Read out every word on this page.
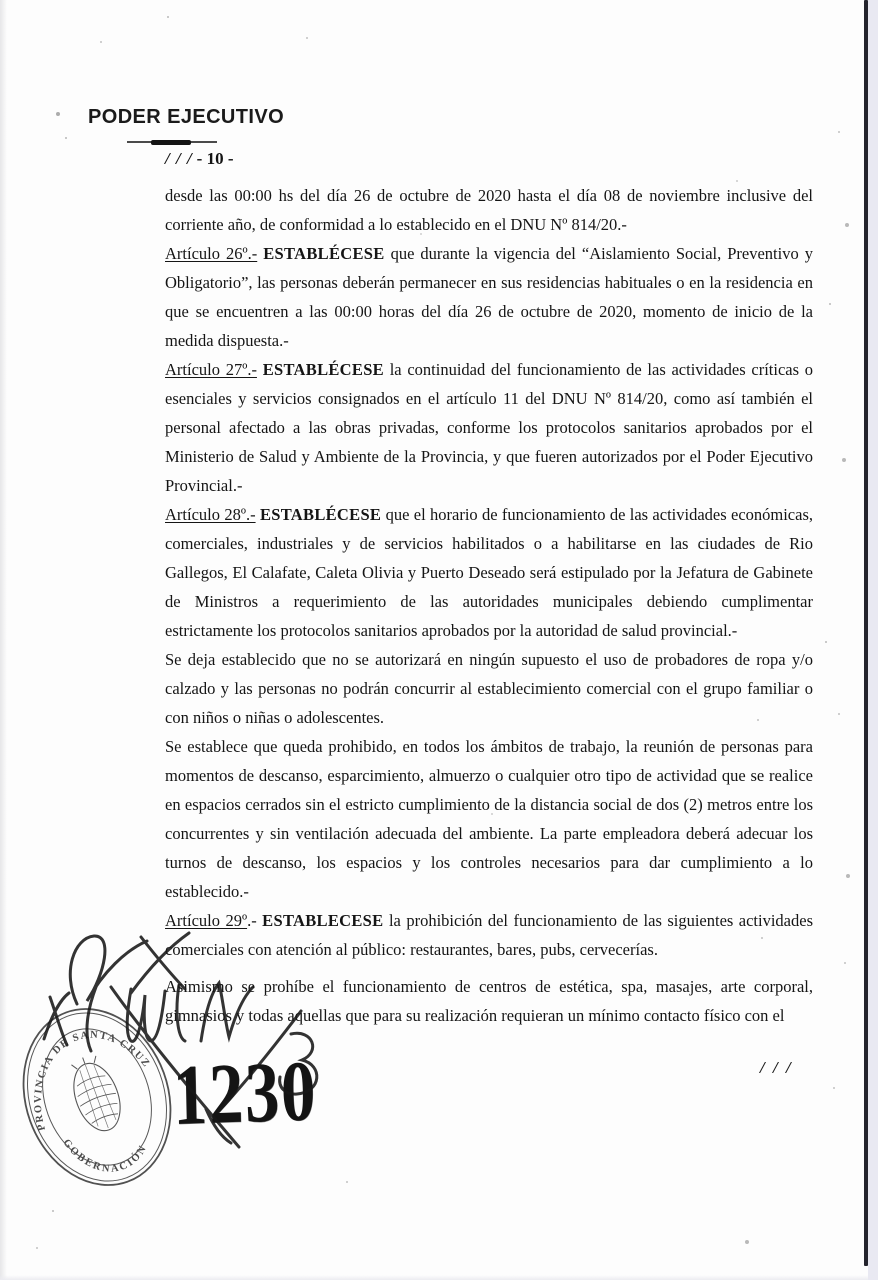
PODER EJECUTIVO
/ / / - 10 -

desde las 00:00 hs del día 26 de octubre de 2020 hasta el día 08 de noviembre inclusive del corriente año, de conformidad a lo establecido en el DNU Nº 814/20.-

Artículo 26º.- ESTABLÉCESE que durante la vigencia del “Aislamiento Social, Preventivo y Obligatorio”, las personas deberán permanecer en sus residencias habituales o en la residencia en que se encuentren a las 00:00 horas del día 26 de octubre de 2020, momento de inicio de la medida dispuesta.-

Artículo 27º.- ESTABLÉCESE la continuidad del funcionamiento de las actividades críticas o esenciales y servicios consignados en el artículo 11 del DNU Nº 814/20, como así también el personal afectado a las obras privadas, conforme los protocolos sanitarios aprobados por el Ministerio de Salud y Ambiente de la Provincia, y que fueren autorizados por el Poder Ejecutivo Provincial.-

Artículo 28º.- ESTABLÉCESE que el horario de funcionamiento de las actividades económicas, comerciales, industriales y de servicios habilitados o a habilitarse en las ciudades de Rio Gallegos, El Calafate, Caleta Olivia y Puerto Deseado será estipulado por la Jefatura de Gabinete de Ministros a requerimiento de las autoridades municipales debiendo cumplimentar estrictamente los protocolos sanitarios aprobados por la autoridad de salud provincial.-

Se deja establecido que no se autorizará en ningún supuesto el uso de probadores de ropa y/o calzado y las personas no podrán concurrir al establecimiento comercial con el grupo familiar o con niños o niñas o adolescentes.

Se establece que queda prohibido, en todos los ámbitos de trabajo, la reunión de personas para momentos de descanso, esparcimiento, almuerzo o cualquier otro tipo de actividad que se realice en espacios cerrados sin el estricto cumplimiento de la distancia social de dos (2) metros entre los concurrentes y sin ventilación adecuada del ambiente. La parte empleadora deberá adecuar los turnos de descanso, los espacios y los controles necesarios para dar cumplimiento a lo establecido.-

Artículo 29º.- ESTABLECESE la prohibición del funcionamiento de las siguientes actividades comerciales con atención al público: restaurantes, bares, pubs, cervecerías.

Asimismo se prohíbe el funcionamiento de centros de estética, spa, masajes, arte corporal, gimnasios y todas aquellas que para su realización requieran un mínimo contacto físico con el

/ / /
1230
PROVINCIA DE SANTA CRUZ
GOBERNACIÓN
